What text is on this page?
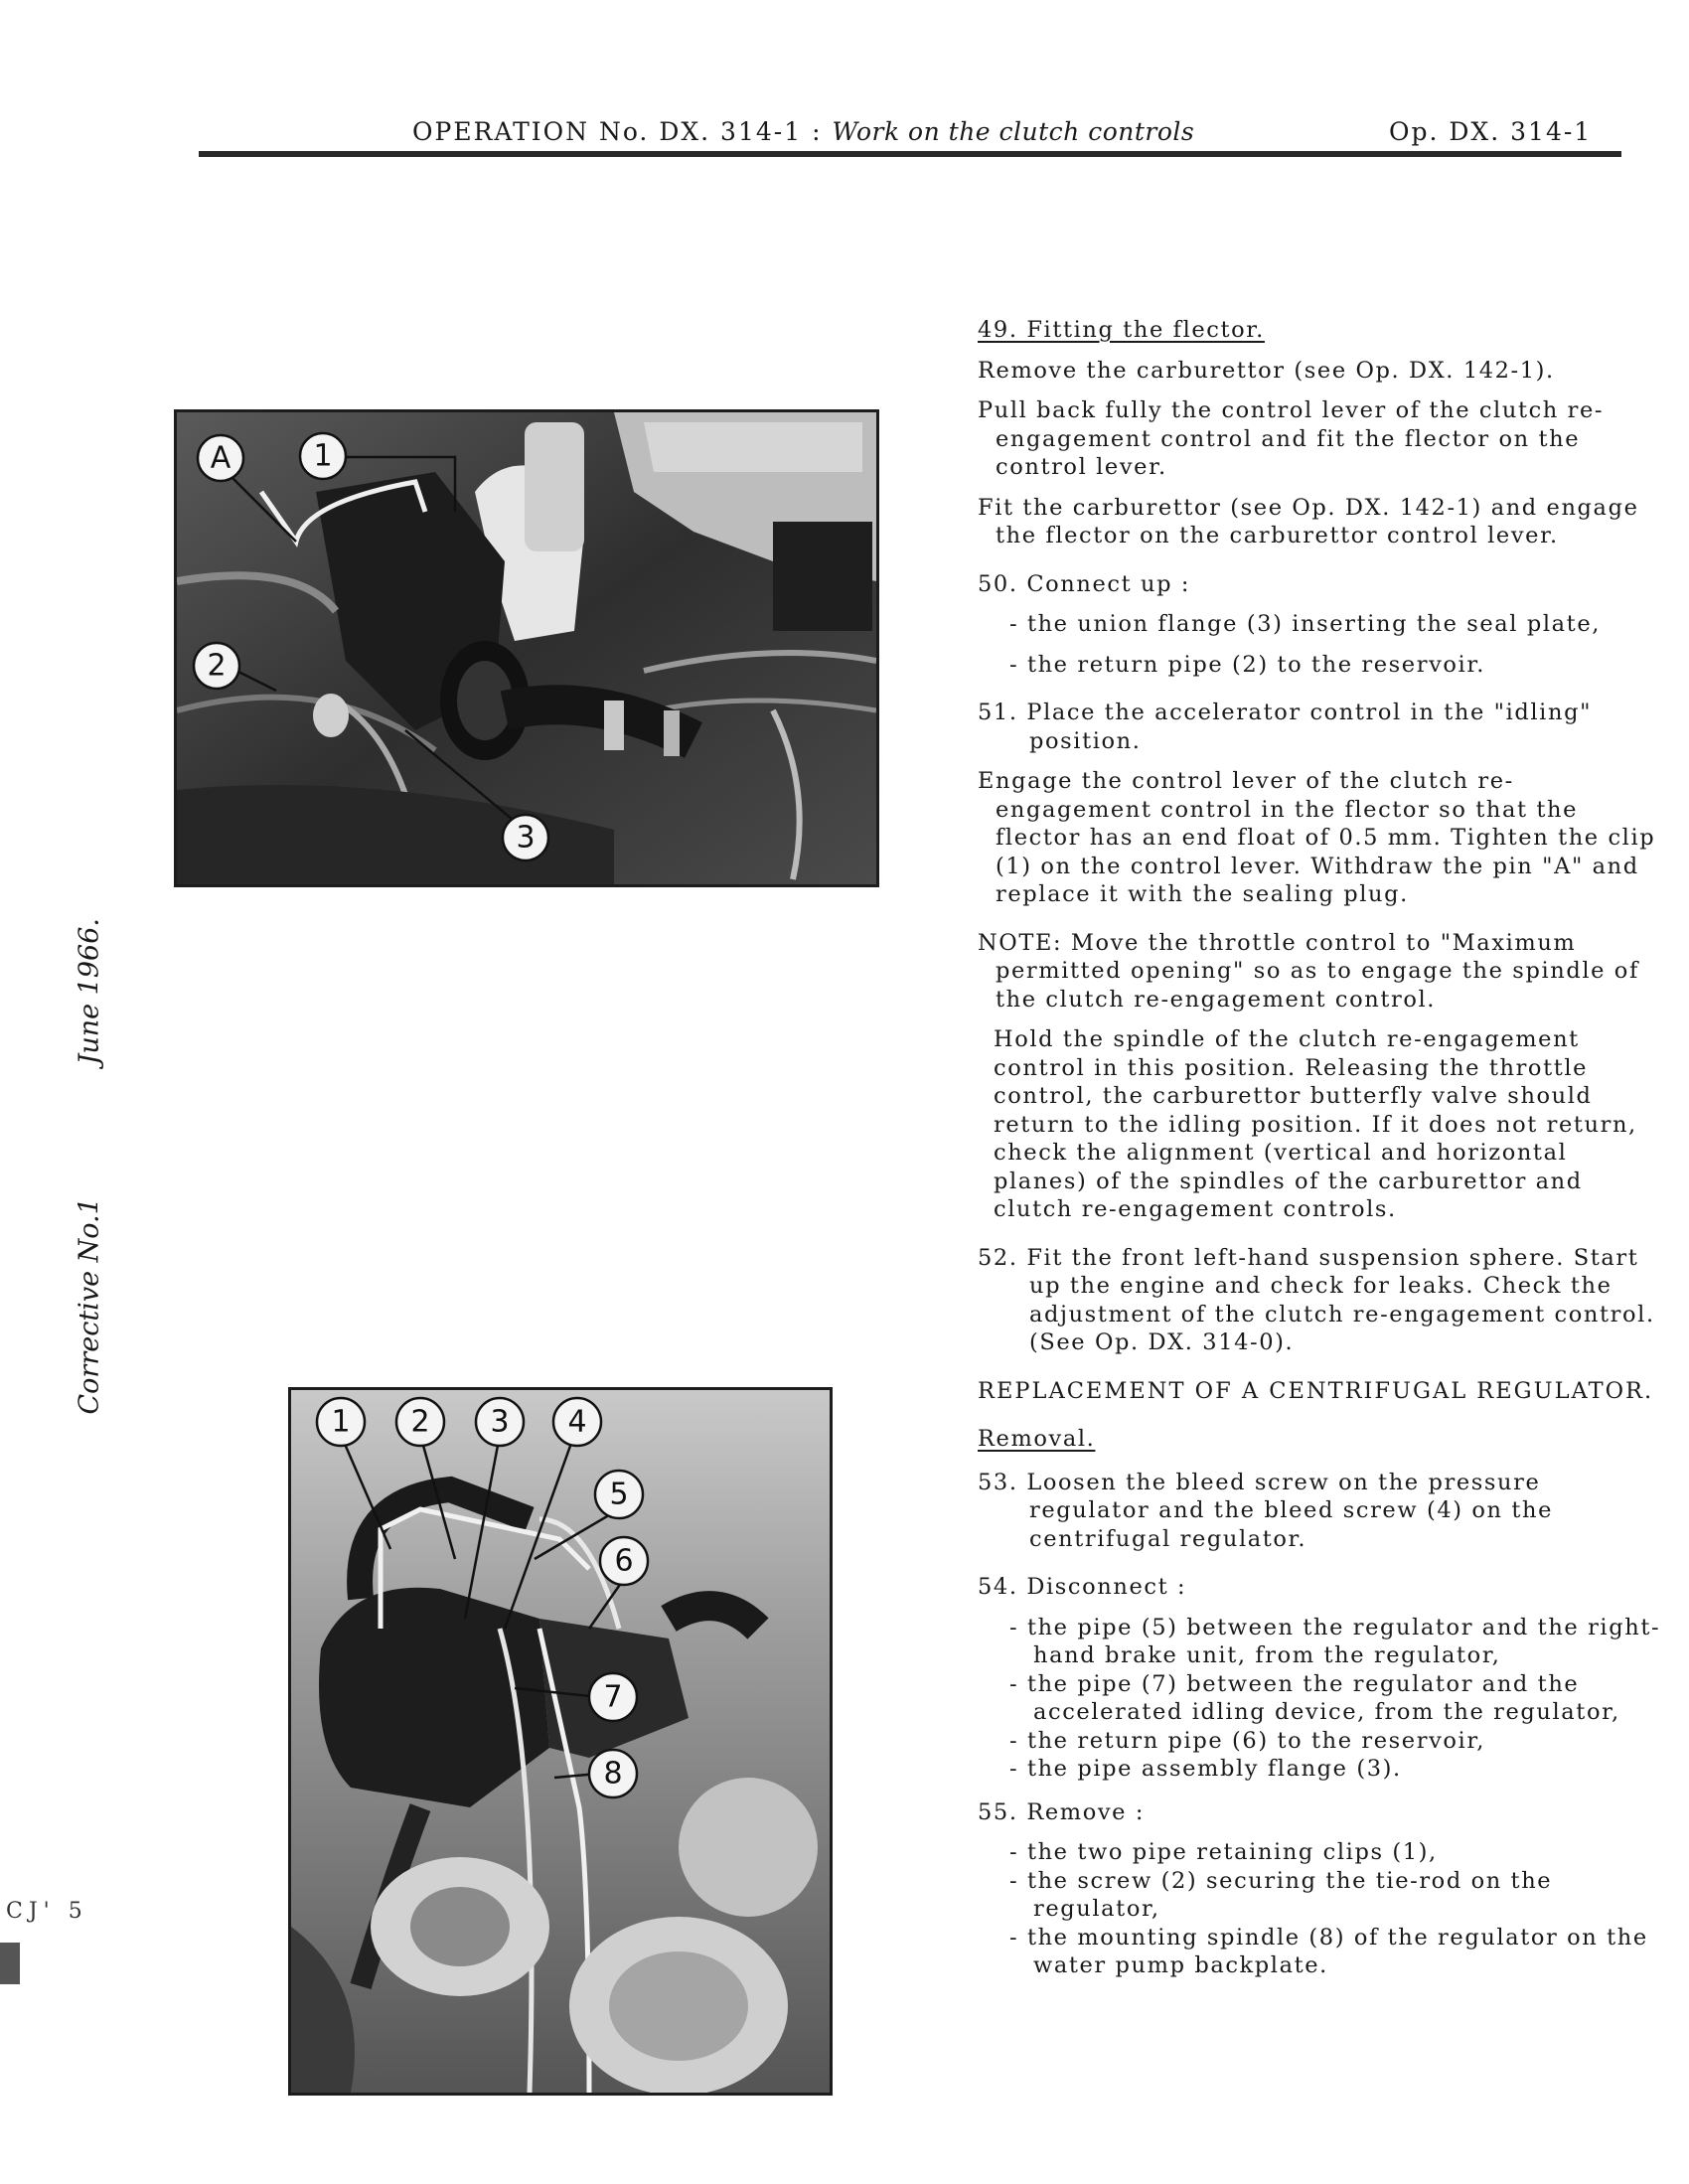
OPERATION No. DX. 314-1 : Work on the clutch controls	Op. DX. 314-1
June 1966.
Corrective No.1
CJ' 5
A	1
2
3
1 2 3 4
5
6
7
8

49. Fitting the flector.

Remove the carburettor (see Op. DX. 142-1).

Pull back fully the control lever of the clutch re-engagement control and fit the flector on the control lever.

Fit the carburettor (see Op. DX. 142-1) and engage the flector on the carburettor control lever.

50. Connect up :

- the union flange (3) inserting the seal plate,

- the return pipe (2) to the reservoir.

51. Place the accelerator control in the "idling" position.

Engage the control lever of the clutch re-engagement control in the flector so that the flector has an end float of 0.5 mm. Tighten the clip (1) on the control lever. Withdraw the pin "A" and replace it with the sealing plug.

NOTE: Move the throttle control to "Maximum permitted opening" so as to engage the spindle of the clutch re-engagement control.

Hold the spindle of the clutch re-engagement control in this position. Releasing the throttle control, the carburettor butterfly valve should return to the idling position. If it does not return, check the alignment (vertical and horizontal planes) of the spindles of the carburettor and clutch re-engagement controls.

52. Fit the front left-hand suspension sphere. Start up the engine and check for leaks. Check the adjustment of the clutch re-engagement control. (See Op. DX. 314-0).

REPLACEMENT OF A CENTRIFUGAL REGULATOR.

Removal.

53. Loosen the bleed screw on the pressure regulator and the bleed screw (4) on the centrifugal regulator.

54. Disconnect :

- the pipe (5) between the regulator and the right-hand brake unit, from the regulator,

- the pipe (7) between the regulator and the accelerated idling device, from the regulator,

- the return pipe (6) to the reservoir,

- the pipe assembly flange (3).

55. Remove :

- the two pipe retaining clips (1),

- the screw (2) securing the tie-rod on the regulator,

- the mounting spindle (8) of the regulator on the water pump backplate.
